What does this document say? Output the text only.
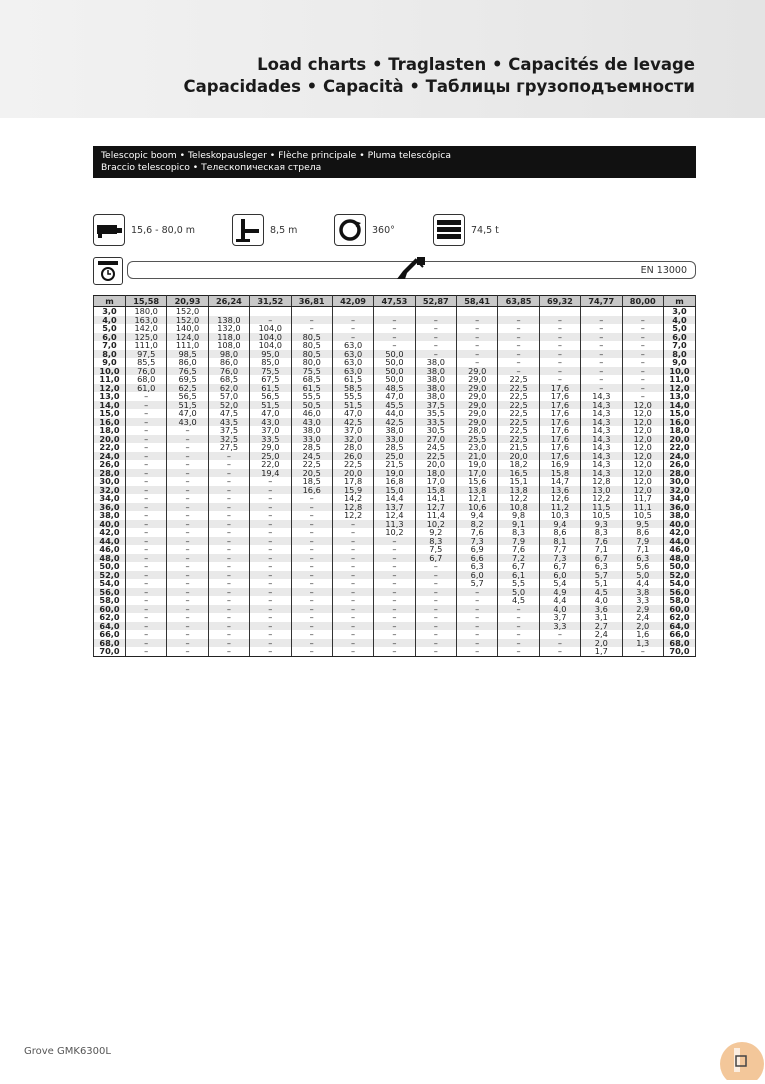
Load charts • Traglasten • Capacités de levage
Capacidades • Capacità • Таблицы грузоподъемности
Telescopic boom • Teleskopausleger • Flèche principale • Pluma telescópica
Braccio telescopico • Телескопическая стрела
15,6 - 80,0 m	8,5 m	360°	74,5 t
EN 13000
m	15,58	20,93	26,24	31,52	36,81	42,09	47,53	52,87	58,41	63,85	69,32	74,77	80,00	m
3,0	180,0	152,0												3,0
4,0	163,0	152,0	138,0	–	–	–	–	–	–	–	–	–	–	4,0
5,0	142,0	140,0	132,0	104,0	–	–	–	–	–	–	–	–	–	5,0
6,0	125,0	124,0	118,0	104,0	80,5	–	–	–	–	–	–	–	–	6,0
7,0	111,0	111,0	108,0	104,0	80,5	63,0	–	–	–	–	–	–	–	7,0
8,0	97,5	98,5	98,0	95,0	80,5	63,0	50,0	–	–	–	–	–	–	8,0
9,0	85,5	86,0	86,0	85,0	80,0	63,0	50,0	38,0	–	–	–	–	–	9,0
10,0	76,0	76,5	76,0	75,5	75,5	63,0	50,0	38,0	29,0	–	–	–	–	10,0
11,0	68,0	69,5	68,5	67,5	68,5	61,5	50,0	38,0	29,0	22,5	–	–	–	11,0
12,0	61,0	62,5	62,0	61,5	61,5	58,5	48,5	38,0	29,0	22,5	17,6	–	–	12,0
13,0	–	56,5	57,0	56,5	55,5	55,5	47,0	38,0	29,0	22,5	17,6	14,3	–	13,0
14,0	–	51,5	52,0	51,5	50,5	51,5	45,5	37,5	29,0	22,5	17,6	14,3	12,0	14,0
15,0	–	47,0	47,5	47,0	46,0	47,0	44,0	35,5	29,0	22,5	17,6	14,3	12,0	15,0
16,0	–	43,0	43,5	43,0	43,0	42,5	42,5	33,5	29,0	22,5	17,6	14,3	12,0	16,0
18,0	–	–	37,5	37,0	38,0	37,0	38,0	30,5	28,0	22,5	17,6	14,3	12,0	18,0
20,0	–	–	32,5	33,5	33,0	32,0	33,0	27,0	25,5	22,5	17,6	14,3	12,0	20,0
22,0	–	–	27,5	29,0	28,5	28,0	28,5	24,5	23,0	21,5	17,6	14,3	12,0	22,0
24,0	–	–	–	25,0	24,5	26,0	25,0	22,5	21,0	20,0	17,6	14,3	12,0	24,0
26,0	–	–	–	22,0	22,5	22,5	21,5	20,0	19,0	18,2	16,9	14,3	12,0	26,0
28,0	–	–	–	19,4	20,5	20,0	19,0	18,0	17,0	16,5	15,8	14,3	12,0	28,0
30,0	–	–	–	–	18,5	17,8	16,8	17,0	15,6	15,1	14,7	12,8	12,0	30,0
32,0	–	–	–	–	16,6	15,9	15,0	15,8	13,8	13,8	13,6	13,0	12,0	32,0
34,0	–	–	–	–	–	14,2	14,4	14,1	12,1	12,2	12,6	12,2	11,7	34,0
36,0	–	–	–	–	–	12,8	13,7	12,7	10,6	10,8	11,2	11,5	11,1	36,0
38,0	–	–	–	–	–	12,2	12,4	11,4	9,4	9,8	10,3	10,5	10,5	38,0
40,0	–	–	–	–	–	–	11,3	10,2	8,2	9,1	9,4	9,3	9,5	40,0
42,0	–	–	–	–	–	–	10,2	9,2	7,6	8,3	8,6	8,3	8,6	42,0
44,0	–	–	–	–	–	–	–	8,3	7,3	7,9	8,1	7,6	7,9	44,0
46,0	–	–	–	–	–	–	–	7,5	6,9	7,6	7,7	7,1	7,1	46,0
48,0	–	–	–	–	–	–	–	6,7	6,6	7,2	7,3	6,7	6,3	48,0
50,0	–	–	–	–	–	–	–	–	6,3	6,7	6,7	6,3	5,6	50,0
52,0	–	–	–	–	–	–	–	–	6,0	6,1	6,0	5,7	5,0	52,0
54,0	–	–	–	–	–	–	–	–	5,7	5,5	5,4	5,1	4,4	54,0
56,0	–	–	–	–	–	–	–	–	–	5,0	4,9	4,5	3,8	56,0
58,0	–	–	–	–	–	–	–	–	–	4,5	4,4	4,0	3,3	58,0
60,0	–	–	–	–	–	–	–	–	–	–	4,0	3,6	2,9	60,0
62,0	–	–	–	–	–	–	–	–	–	–	3,7	3,1	2,4	62,0
64,0	–	–	–	–	–	–	–	–	–	–	3,3	2,7	2,0	64,0
66,0	–	–	–	–	–	–	–	–	–	–	–	2,4	1,6	66,0
68,0	–	–	–	–	–	–	–	–	–	–	–	2,0	1,3	68,0
70,0	–	–	–	–	–	–	–	–	–	–	–	1,7	–	70,0
Grove GMK6300L
